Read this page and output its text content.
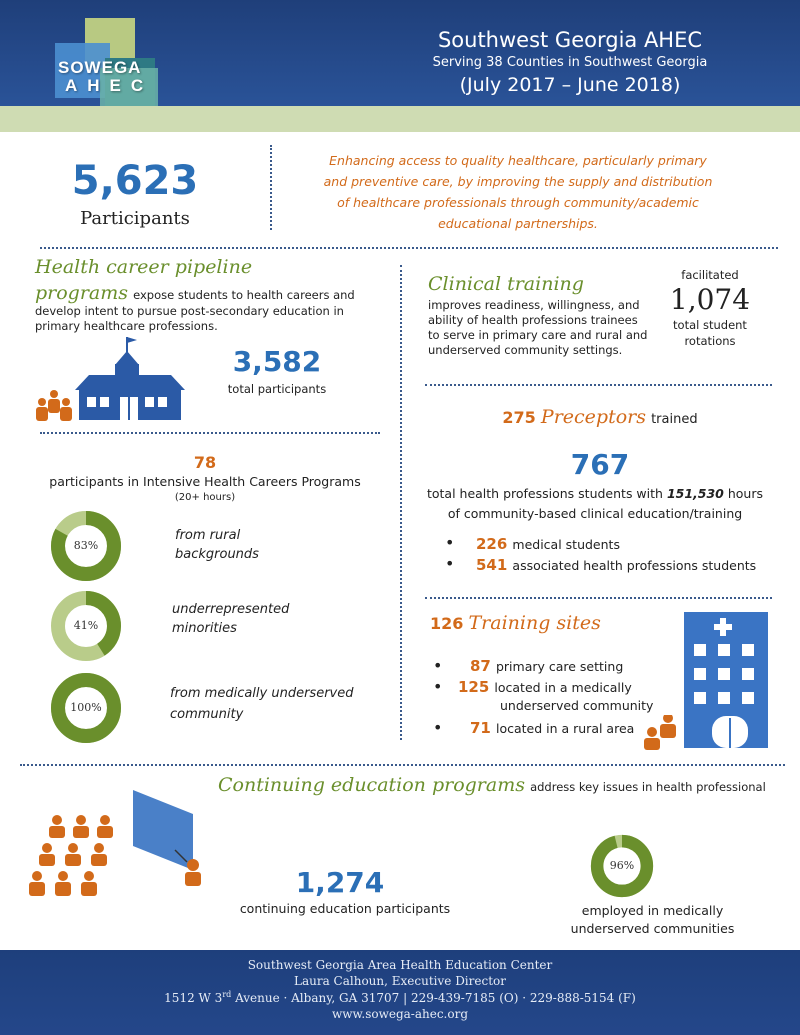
SOWEGA
AHEC
Southwest Georgia AHEC
Serving 38 Counties in Southwest Georgia
(July 2017 – June 2018)
5,623
Participants
Enhancing access to quality healthcare, particularly primary and preventive care, by improving the supply and distribution of healthcare professionals through community/academic educational partnerships.
Health career pipeline
programs expose students to health careers and
develop intent to pursue post-secondary education in primary healthcare professions.
3,582
total participants
Clinical training
improves readiness, willingness, and ability of health professions trainees to serve in primary care and rural and underserved community settings.
facilitated
1,074
total student
rotations
78
participants in Intensive Health Careers Programs
(20+ hours)
83%
from rural
backgrounds
41%
underrepresented
minorities
100%
from medically underserved
community
275 Preceptors trained
767
total health professions students with 151,530 hours
of community-based clinical education/training
• 226 medical students
• 541 associated health professions students
126 Training sites
• 87 primary care setting
• 125 located in a medically
underserved community
• 71 located in a rural area
Continuing education programs address key issues in health professional
1,274
continuing education participants
96%
employed in medically
underserved communities
Southwest Georgia Area Health Education Center
Laura Calhoun, Executive Director
1512 W 3rd Avenue · Albany, GA 31707 | 229-439-7185 (O) · 229-888-5154 (F)
www.sowega-ahec.org
